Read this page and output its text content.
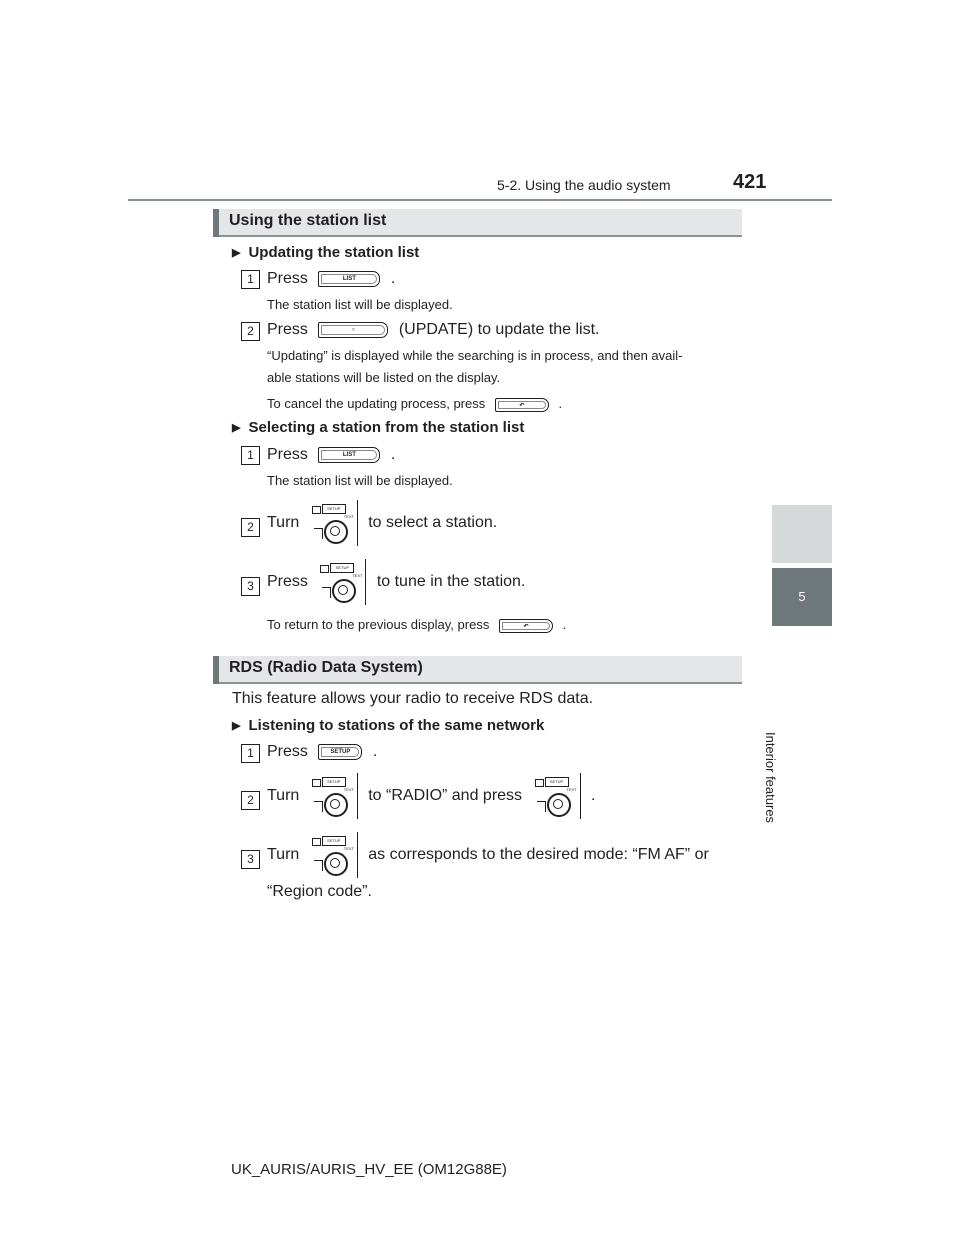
5-2. Using the audio system	421
5
Interior features
Using the station list
▶ Updating the station list
1 Press	LIST	.
The station list will be displayed.
2 Press	○	(UPDATE) to update the list.
“Updating” is displayed while the searching is in process, and then avail-
able stations will be listed on the display.
To cancel the updating process, press	↶	.
▶ Selecting a station from the station list
1 Press	LIST	.
The station list will be displayed.
2 Turn
SETUP
TEXT to select a station.
3 Press
SETUP
TEXT to tune in the station.
To return to the previous display, press	↶	.
RDS (Radio Data System)
This feature allows your radio to receive RDS data.
▶ Listening to stations of the same network
1 Press	SETUP	.
2 Turn
SETUP
TEXT to “RADIO” and press
SETUP
TEXT .
3 Turn
SETUP
TEXT as corresponds to the desired mode: “FM AF” or
“Region code”.
UK_AURIS/AURIS_HV_EE (OM12G88E)
